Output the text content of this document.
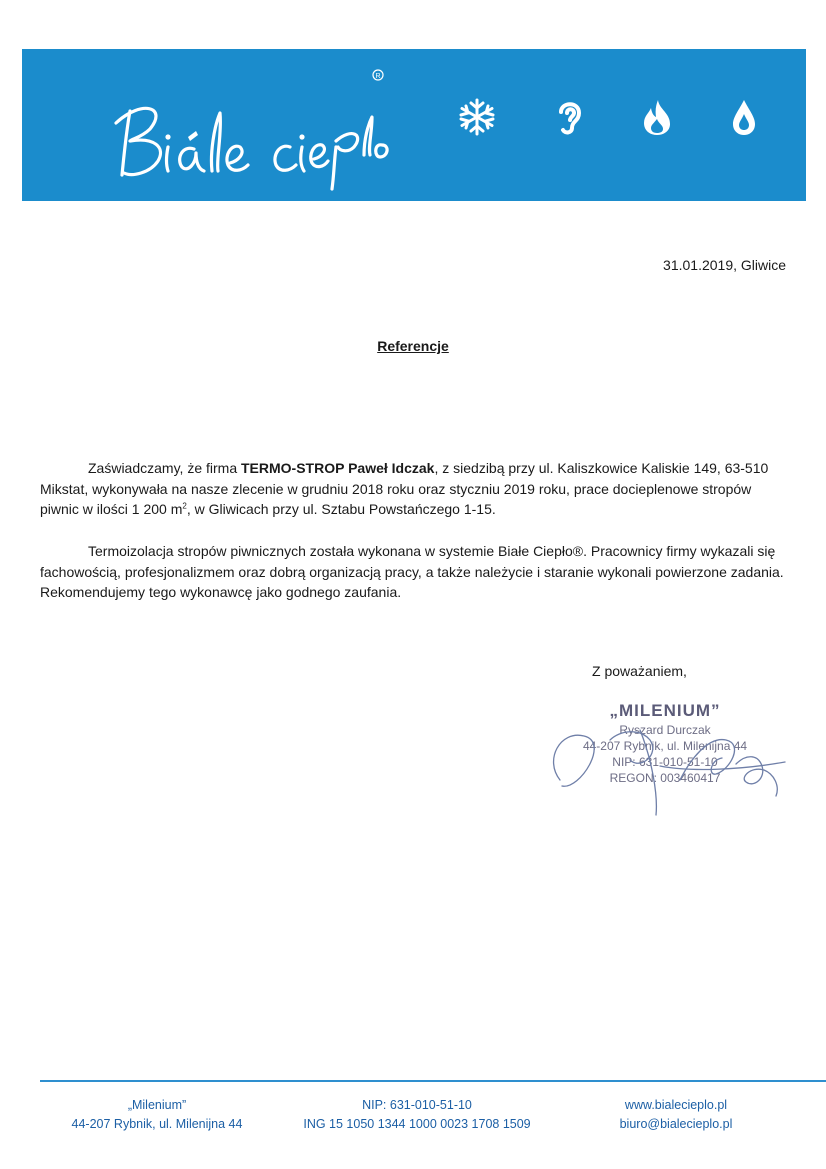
R
31.01.2019, Gliwice
Referencje

Zaświadczamy, że firma TERMO-STROP Paweł Idczak, z siedzibą przy ul. Kaliszkowice Kaliskie 149, 63-510 Mikstat, wykonywała na nasze zlecenie w grudniu 2018 roku oraz styczniu 2019 roku, prace docieplenowe stropów piwnic w ilości 1 200 $m^2$, w Gliwicach przy ul. Sztabu Powstańczego 1-15.

Termoizolacja stropów piwnicznych została wykonana w systemie Białe Ciepło®. Pracownicy firmy wykazali się fachowością, profesjonalizmem oraz dobrą organizacją pracy, a także należycie i staranie wykonali powierzone zadania. Rekomendujemy tego wykonawcę jako godnego zaufania.

Z poważaniem,
„MILENIUM”
Ryszard Durczak
44-207 Rybnik, ul. Milenijna 44
NIP: 631-010-51-10
REGON: 003460417
„Milenium”
44-207 Rybnik, ul. Milenijna 44
NIP: 631-010-51-10
ING 15 1050 1344 1000 0023 1708 1509
www.bialecieplo.pl
biuro@bialecieplo.pl
